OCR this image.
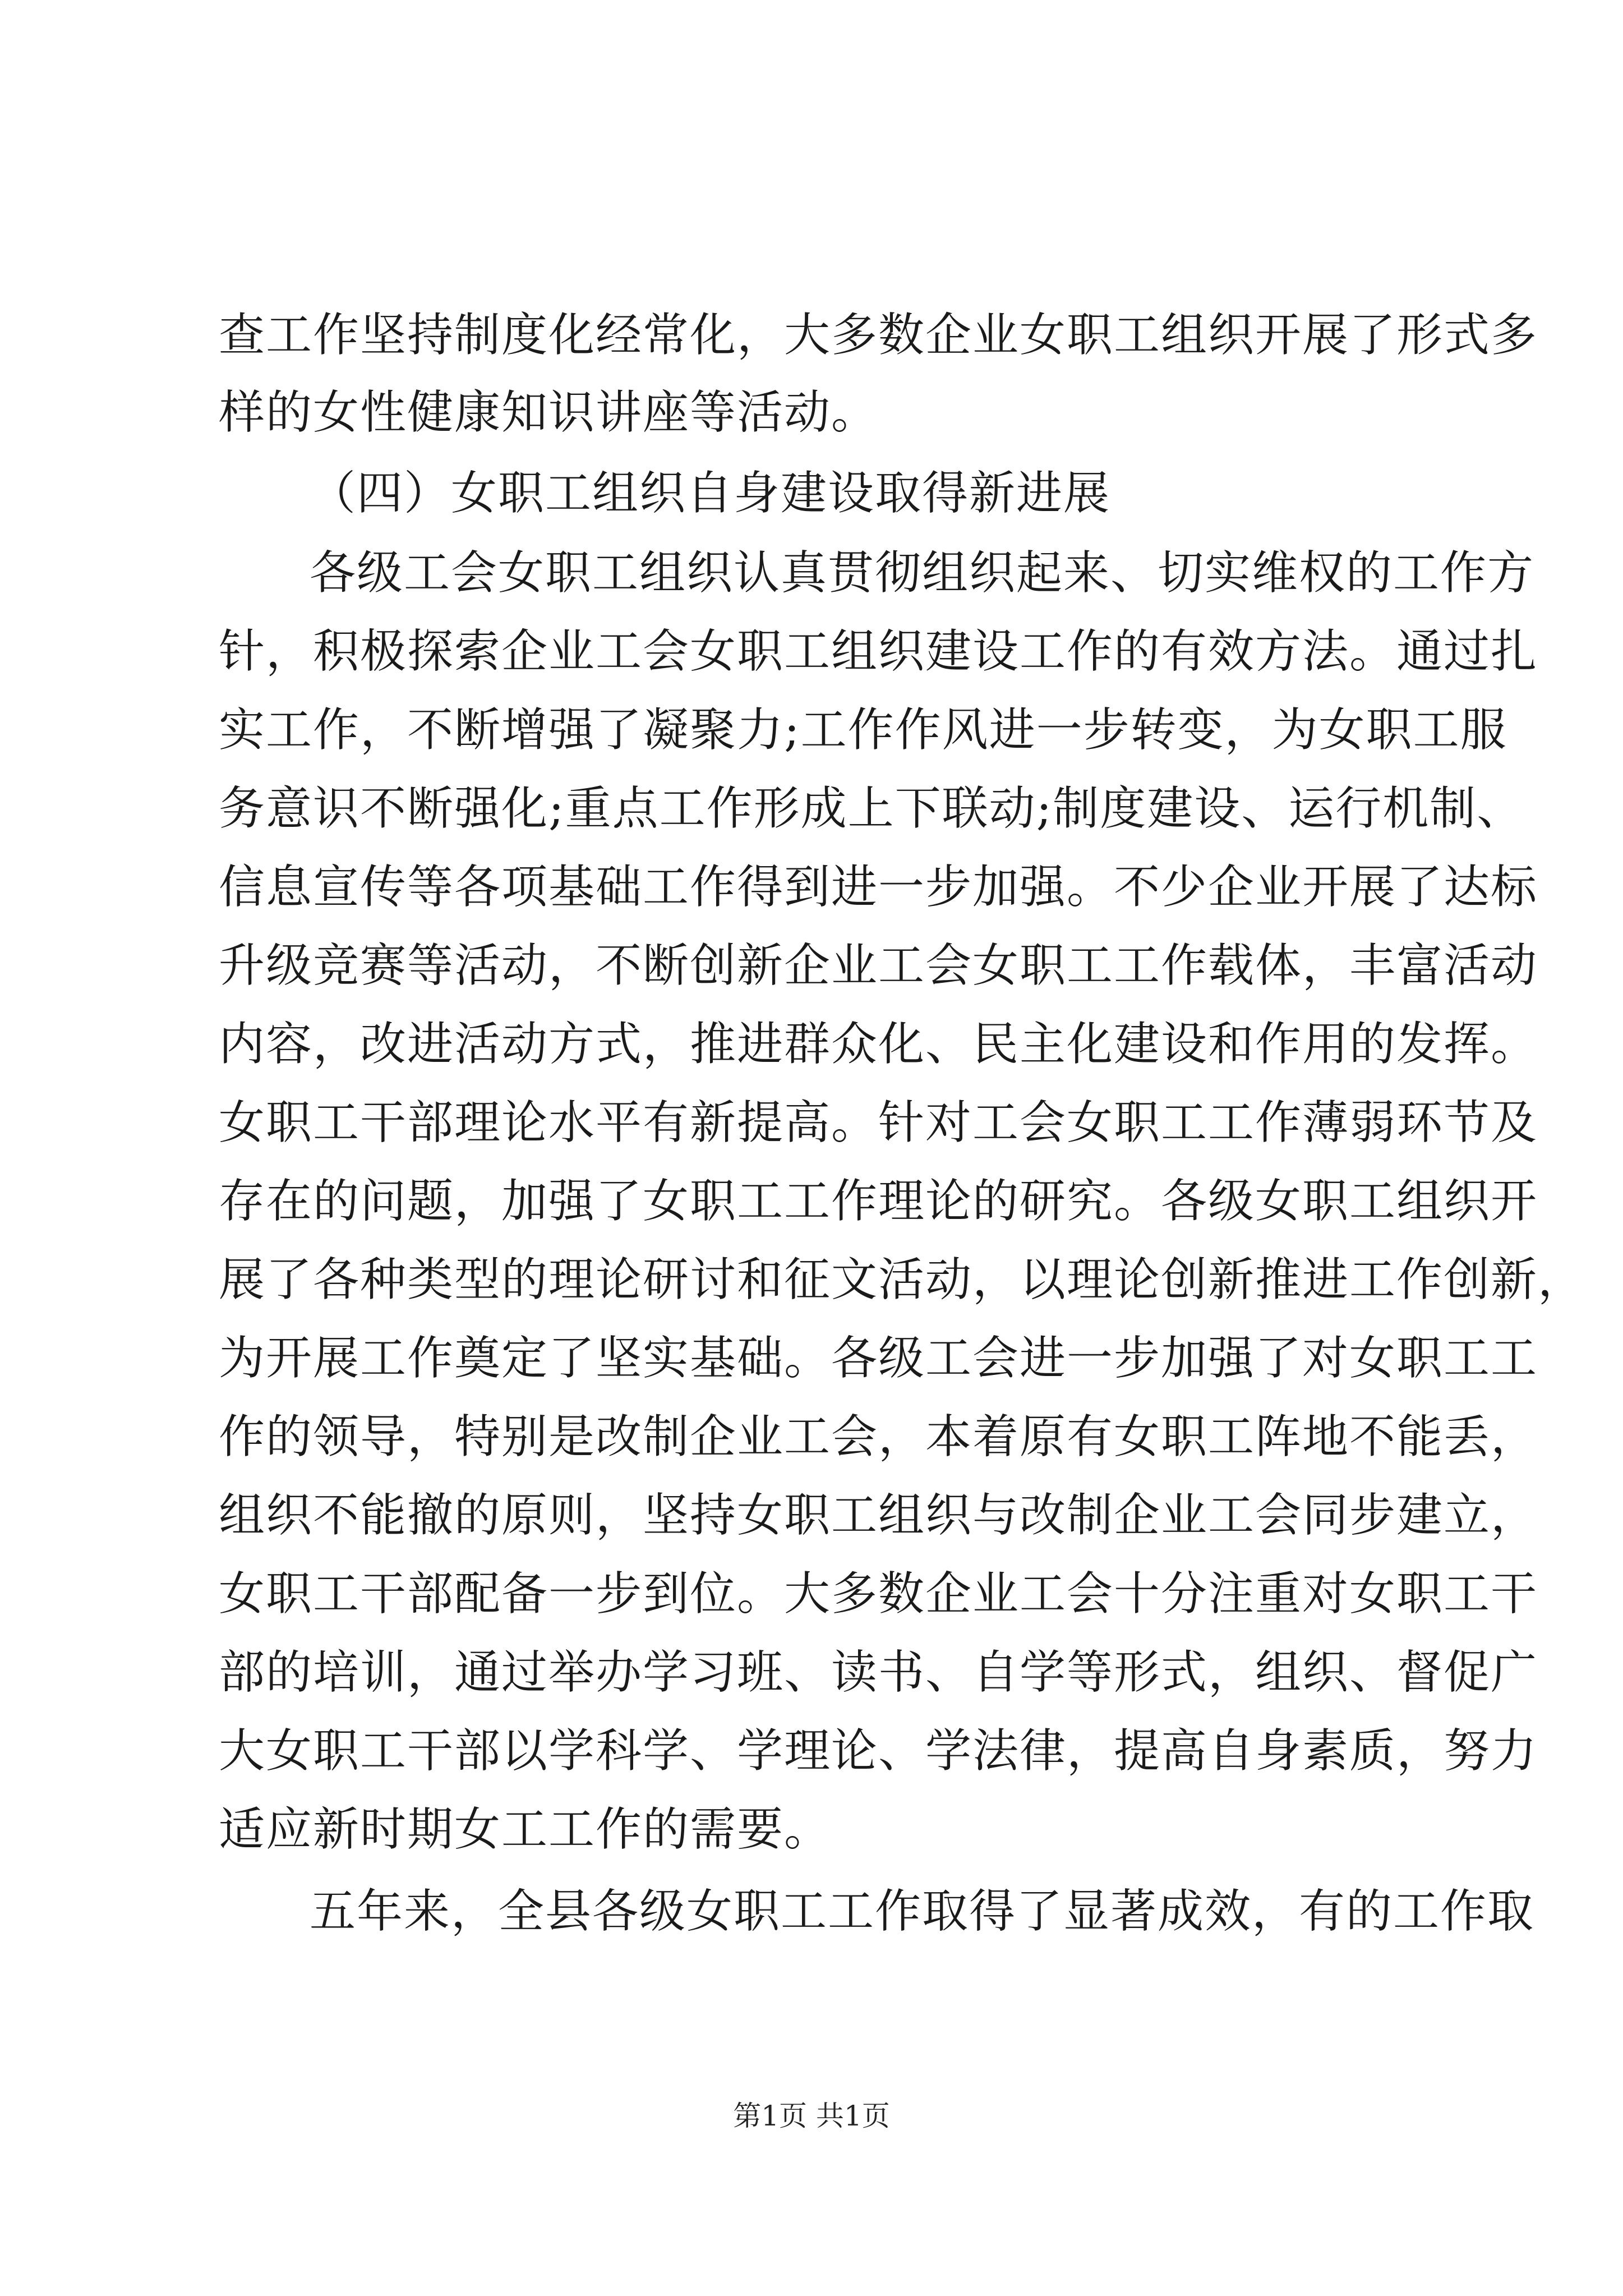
查工作坚持制度化经常化，大多数企业女职工组织开展了形式多
样的女性健康知识讲座等活动。
（四）女职工组织自身建设取得新进展
各级工会女职工组织认真贯彻组织起来、切实维权的工作方
针，积极探索企业工会女职工组织建设工作的有效方法。通过扎
实工作，不断增强了凝聚力;工作作风进一步转变，为女职工服
务意识不断强化;重点工作形成上下联动;制度建设、运行机制、
信息宣传等各项基础工作得到进一步加强。不少企业开展了达标
升级竞赛等活动，不断创新企业工会女职工工作载体，丰富活动
内容，改进活动方式，推进群众化、民主化建设和作用的发挥。
女职工干部理论水平有新提高。针对工会女职工工作薄弱环节及
存在的问题，加强了女职工工作理论的研究。各级女职工组织开
展了各种类型的理论研讨和征文活动，以理论创新推进工作创新，
为开展工作奠定了坚实基础。各级工会进一步加强了对女职工工
作的领导，特别是改制企业工会，本着原有女职工阵地不能丢，
组织不能撤的原则，坚持女职工组织与改制企业工会同步建立，
女职工干部配备一步到位。大多数企业工会十分注重对女职工干
部的培训，通过举办学习班、读书、自学等形式，组织、督促广
大女职工干部以学科学、学理论、学法律，提高自身素质，努力
适应新时期女工工作的需要。
五年来，全县各级女职工工作取得了显著成效，有的工作取
第1页 共1页
